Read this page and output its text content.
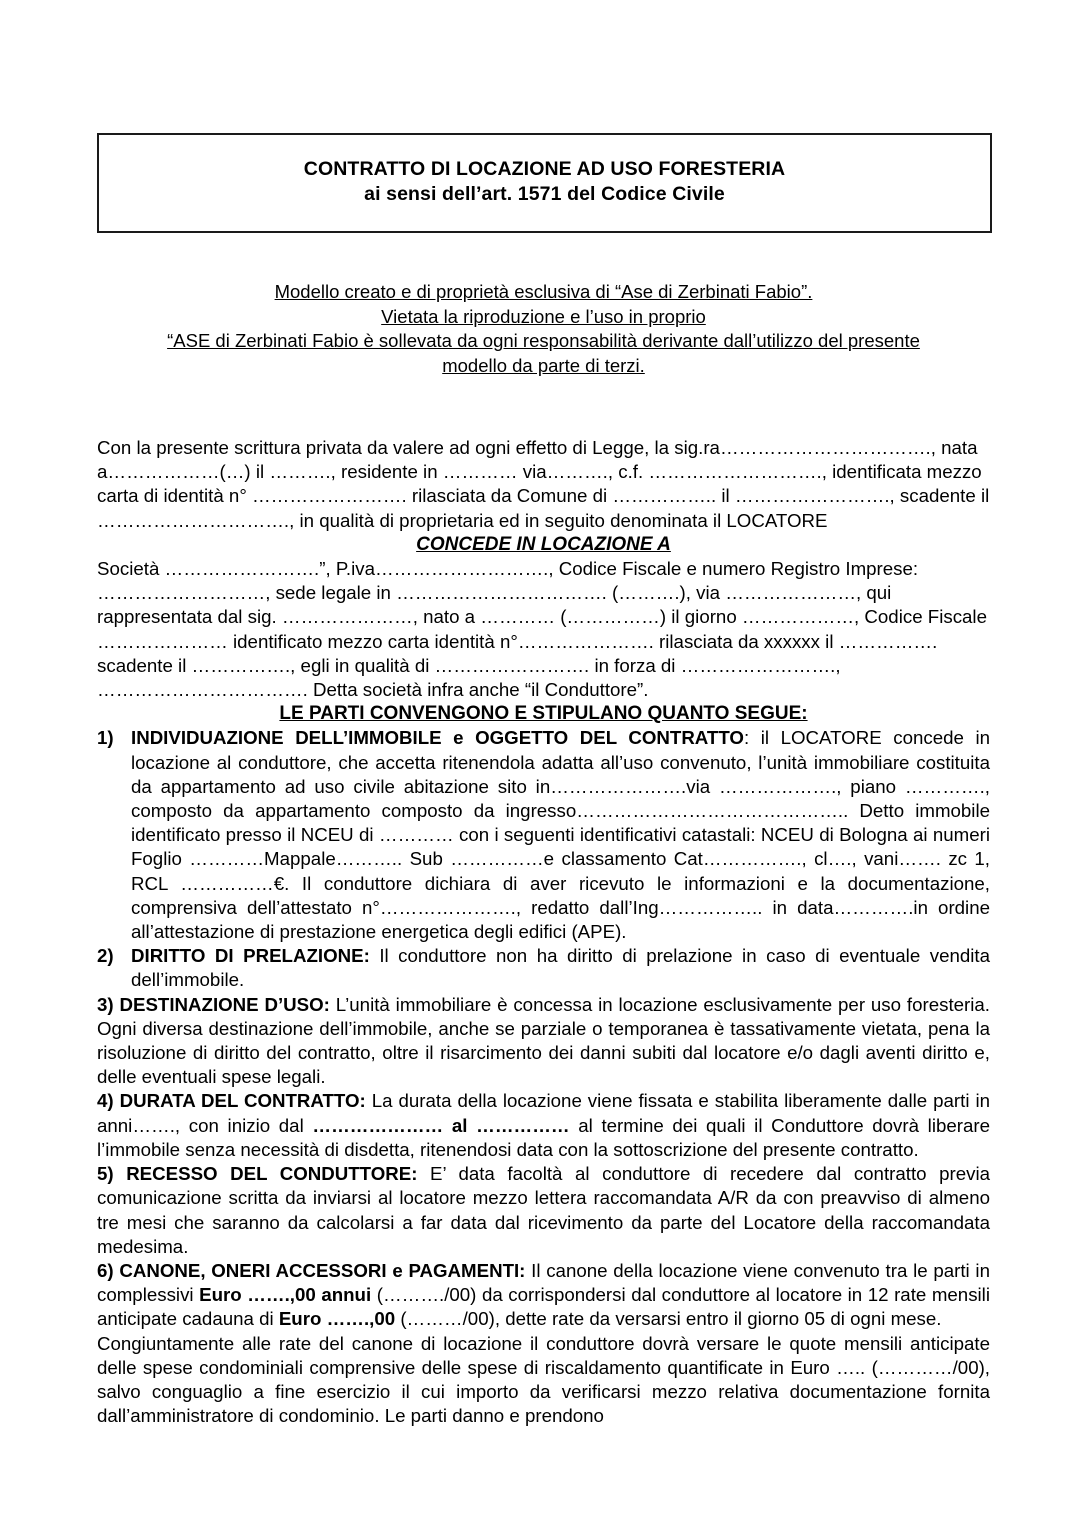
CONTRATTO DI LOCAZIONE AD USO FORESTERIA
ai sensi dell’art. 1571 del Codice Civile
Modello creato e di proprietà esclusiva di “Ase di Zerbinati Fabio”.
Vietata la riproduzione e l’uso in proprio
“ASE di Zerbinati Fabio è sollevata da ogni responsabilità derivante dall’utilizzo del presente
modello da parte di terzi.

Con la presente scrittura privata da valere ad ogni effetto di Legge, la sig.ra……………………………., nata a………………(…) il ………., residente in ………… via………., c.f. ………………………., identificata mezzo carta di identità n° ……………………. rilasciata da Comune di …………….. il ……………………., scadente il …………………………., in qualità di proprietaria ed in seguito denominata il LOCATORE

CONCEDE IN LOCAZIONE A

Società …………………….”, P.iva………………………., Codice Fiscale e numero Registro Imprese: ………………………, sede legale in ……………………………. (……….), via …………………, qui rappresentata dal sig. …………………, nato a ………… (……………) il giorno ………………, Codice Fiscale ………………… identificato mezzo carta identità n°…………………. rilasciata da xxxxxx il ……………. scadente il ……………., egli in qualità di ……………………. in forza di ……………………., ……………………………. Detta società infra anche “il Conduttore”.

LE PARTI CONVENGONO E STIPULANO QUANTO SEGUE:

1) INDIVIDUAZIONE DELL’IMMOBILE e OGGETTO DEL CONTRATTO: il LOCATORE concede in locazione al conduttore, che accetta ritenendola adatta all’uso convenuto, l’unità immobiliare costituita da appartamento ad uso civile abitazione sito in………………….via ………………., piano …………., composto da appartamento composto da ingresso…………………………………….. Detto immobile identificato presso il NCEU di ………… con i seguenti identificativi catastali: NCEU di Bologna ai numeri Foglio …………Mappale……….. Sub ……………e classamento Cat……………., cl…., vani……. zc 1, RCL ……………€. Il conduttore dichiara di aver ricevuto le informazioni e la documentazione, comprensiva dell’attestato n°…………………., redatto dall’Ing…………….. in data………….in ordine all’attestazione di prestazione energetica degli edifici (APE).

2) DIRITTO DI PRELAZIONE: Il conduttore non ha diritto di prelazione in caso di eventuale vendita dell’immobile.

3) DESTINAZIONE D’USO: L’unità immobiliare è concessa in locazione esclusivamente per uso foresteria. Ogni diversa destinazione dell’immobile, anche se parziale o temporanea è tassativamente vietata, pena la risoluzione di diritto del contratto, oltre il risarcimento dei danni subiti dal locatore e/o dagli aventi diritto e, delle eventuali spese legali.

4) DURATA DEL CONTRATTO: La durata della locazione viene fissata e stabilita liberamente dalle parti in anni……., con inizio dal ………………… al …………… al termine dei quali il Conduttore dovrà liberare l’immobile senza necessità di disdetta, ritenendosi data con la sottoscrizione del presente contratto.

5) RECESSO DEL CONDUTTORE: E’ data facoltà al conduttore di recedere dal contratto previa comunicazione scritta da inviarsi al locatore mezzo lettera raccomandata A/R da con preavviso di almeno tre mesi che saranno da calcolarsi a far data dal ricevimento da parte del Locatore della raccomandata medesima.

6) CANONE, ONERI ACCESSORI e PAGAMENTI: Il canone della locazione viene convenuto tra le parti in complessivi Euro …….,00 annui (………./00) da corrispondersi dal conduttore al locatore in 12 rate mensili anticipate cadauna di Euro …….,00 (………/00), dette rate da versarsi entro il giorno 05 di ogni mese.

Congiuntamente alle rate del canone di locazione il conduttore dovrà versare le quote mensili anticipate delle spese condominiali comprensive delle spese di riscaldamento quantificate in Euro ….. (…………/00), salvo conguaglio a fine esercizio il cui importo da verificarsi mezzo relativa documentazione fornita dall’amministratore di condominio. Le parti danno e prendono
